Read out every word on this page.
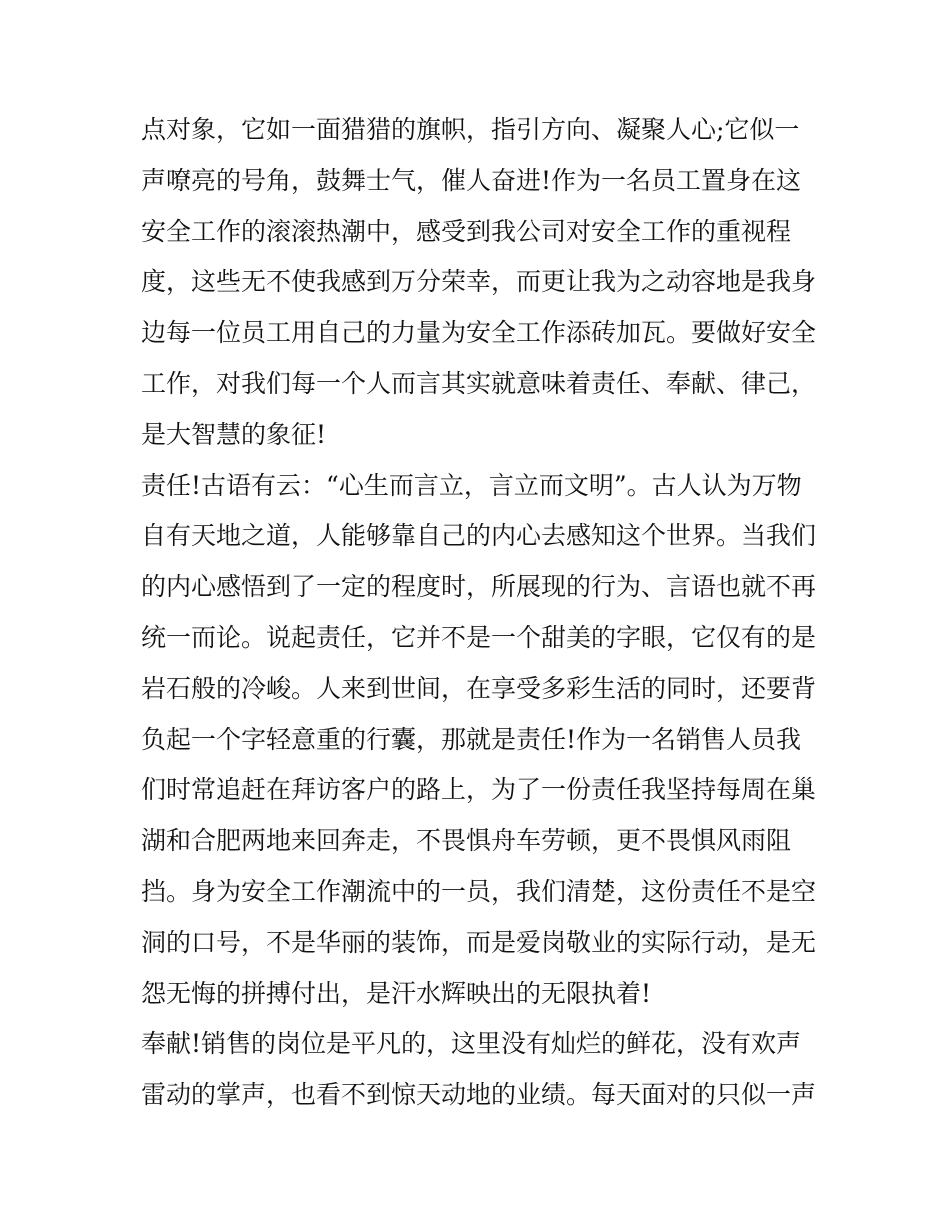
点对象，它如一面猎猎的旗帜，指引方向、凝聚人心;它似一
声嘹亮的号角，鼓舞士气，催人奋进!作为一名员工置身在这
安全工作的滚滚热潮中，感受到我公司对安全工作的重视程
度，这些无不使我感到万分荣幸，而更让我为之动容地是我身
边每一位员工用自己的力量为安全工作添砖加瓦。要做好安全
工作，对我们每一个人而言其实就意味着责任、奉献、律己，
是大智慧的象征!
责任!古语有云：“心生而言立，言立而文明”。古人认为万物
自有天地之道，人能够靠自己的内心去感知这个世界。当我们
的内心感悟到了一定的程度时，所展现的行为、言语也就不再
统一而论。说起责任，它并不是一个甜美的字眼，它仅有的是
岩石般的冷峻。人来到世间，在享受多彩生活的同时，还要背
负起一个字轻意重的行囊，那就是责任!作为一名销售人员我
们时常追赶在拜访客户的路上，为了一份责任我坚持每周在巢
湖和合肥两地来回奔走，不畏惧舟车劳顿，更不畏惧风雨阻
挡。身为安全工作潮流中的一员，我们清楚，这份责任不是空
洞的口号，不是华丽的装饰，而是爱岗敬业的实际行动，是无
怨无悔的拼搏付出，是汗水辉映出的无限执着!
奉献!销售的岗位是平凡的，这里没有灿烂的鲜花，没有欢声
雷动的掌声，也看不到惊天动地的业绩。每天面对的只似一声
